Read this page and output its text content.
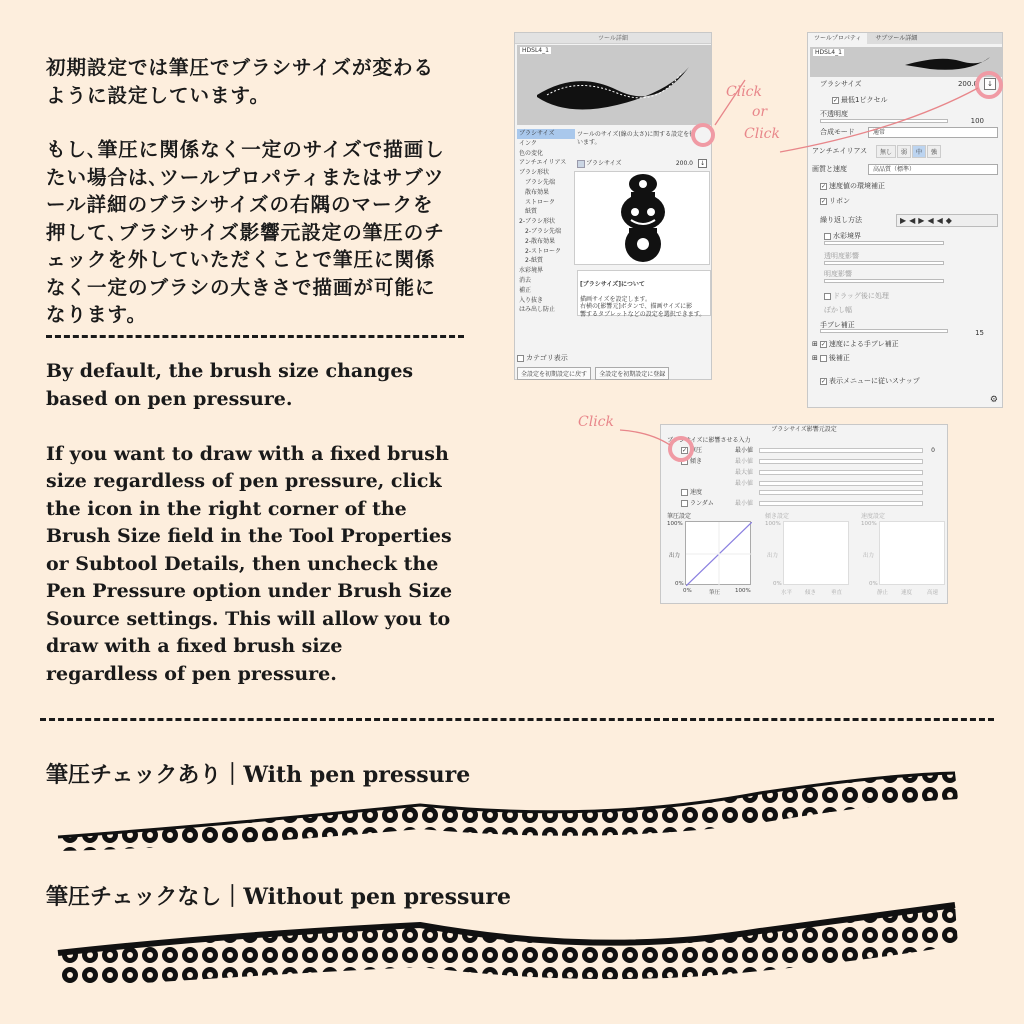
初期設定では筆圧でブラシサイズが変わる
ように設定しています。

もし､筆圧に関係なく一定のサイズで描画し
たい場合は､ツールプロパティまたはサブツ
ール詳細のブラシサイズの右隅のマークを
押して､ブラシサイズ影響元設定の筆圧のチ
ェックを外していただくことで筆圧に関係
なく一定のブラシの大きさで描画が可能に
なります。

By default, the brush size changes
based on pen pressure.

If you want to draw with a fixed brush
size regardless of pen pressure, click
the icon in the right corner of the
Brush Size field in the Tool Properties
or Subtool Details, then uncheck the
Pen Pressure option under Brush Size
Source settings. This will allow you to
draw with a fixed brush size
regardless of pen pressure.

ツール詳細
HDSL4_1
ブラシサイズ
インク
色の変化
アンチエイリアス
ブラシ形状
ブラシ先端
散布効果
ストローク
紙質
2-ブラシ形状
2-ブラシ先端
2-散布効果
2-ストローク
2-紙質
水彩境界
消去
補正
入り抜き
はみ出し防止
ツールのサイズ(線の太さ)に関する設定を行
います。
ブラシサイズ	200.0	↓

[ブラシサイズ]について

描画サイズを設定します。
右横の[影響元]ボタンで、描画サイズに影
響するタブレットなどの設定を選択できます。

カテゴリ表示
全設定を初期設定に戻す 全設定を初期設定に登録
ツールプロパティ サブツール詳細
HDSL4_1
ブラシサイズ	200.0	↓
✓ 最低1ピクセル
不透明度
100
合成モード	通常
アンチエイリアス	無し	弱	中	強
画質と速度	高品質（標準）
✓ 速度値の環境補正
✓ リボン
繰り返し方法	▶◀▶◀◀◆
水彩境界
透明度影響
明度影響
ドラッグ後に処理
ぼかし幅
手ブレ補正
15
⊞ ✓ 速度による手ブレ補正
⊞ 後補正
✓ 表示メニューに従いスナップ
⚙
ブラシサイズ影響元設定
ブラシサイズに影響させる入力
✓ 筆圧	最小値	0
傾き	最小値
最大値
最小値
速度
ランダム	最小値
筆圧設定	傾き設定	速度設定
100%
出力
0%
0%	筆圧	100%
100%
出力
0%
水平 傾き	垂直
100%
出力
0%
静止 速度	高速
Click
or
Click
Click
筆圧チェックあり｜With pen pressure
筆圧チェックなし｜Without pen pressure
